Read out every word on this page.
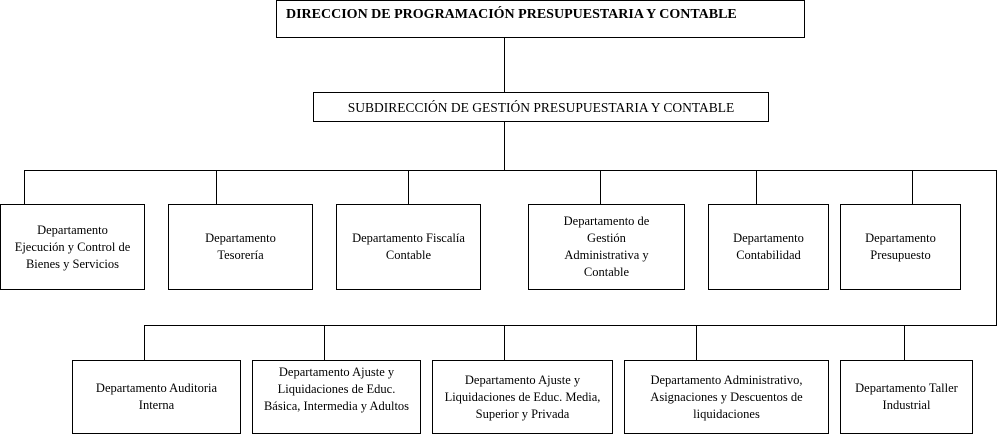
DIRECCION DE PROGRAMACIÓN PRESUPUESTARIA Y CONTABLE
SUBDIRECCIÓN DE GESTIÓN PRESUPUESTARIA Y CONTABLE
Departamento Ejecución y Control de Bienes y Servicios
Departamento Tesorería
Departamento Fiscalía Contable
Departamento de Gestión Administrativa y Contable
Departamento Contabilidad
Departamento Presupuesto
Departamento Auditoria Interna
Departamento Ajuste y Liquidaciones de Educ. Básica, Intermedia y Adultos
Departamento Ajuste y Liquidaciones de Educ. Media, Superior y Privada
Departamento Administrativo, Asignaciones y Descuentos de liquidaciones
Departamento Taller Industrial
